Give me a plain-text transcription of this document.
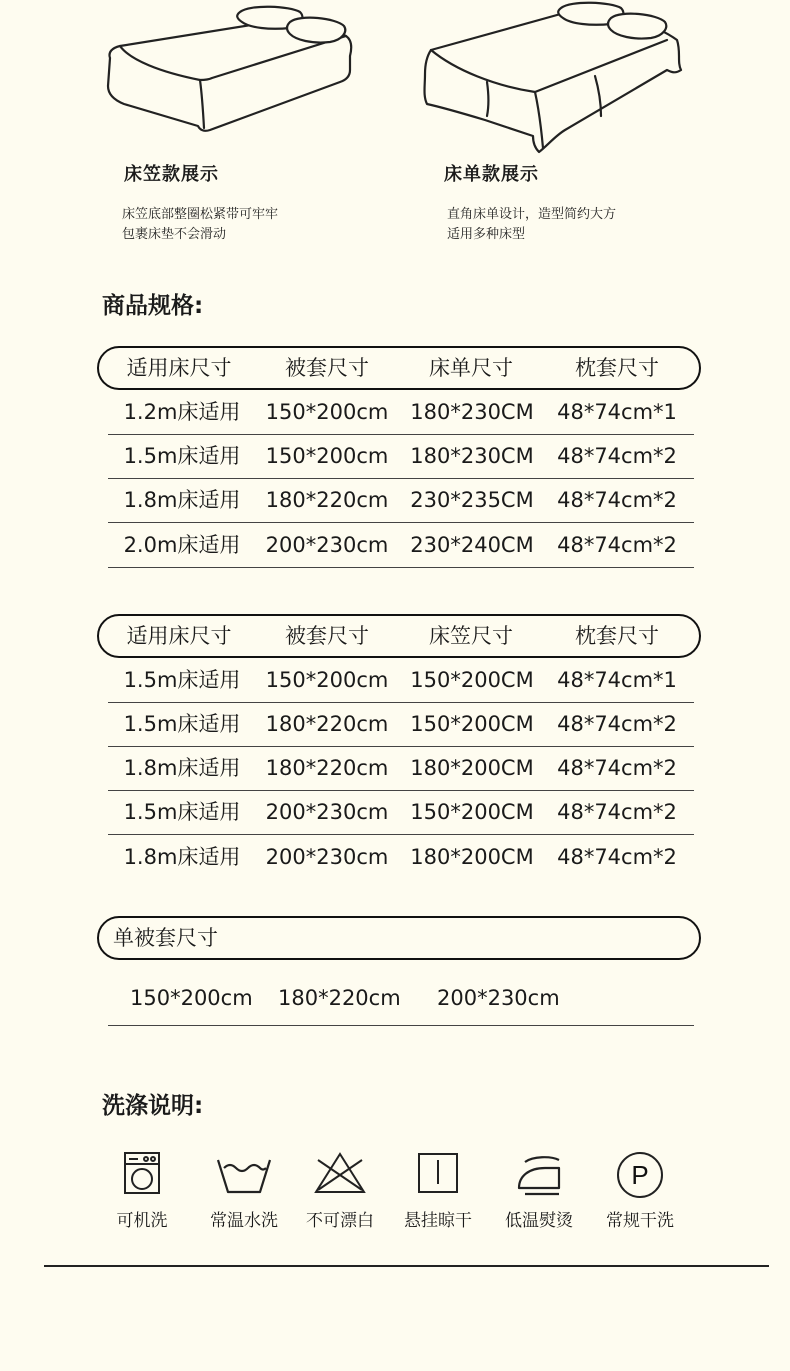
床笠款展示
床笠底部整圈松紧带可牢牢
包裹床垫不会滑动
床单款展示
直角床单设计，造型简约大方
适用多种床型
商品规格:
适用床尺寸	被套尺寸	床单尺寸	枕套尺寸
1.2m床适用	150*200cm	180*230CM	48*74cm*1
1.5m床适用	150*200cm	180*230CM	48*74cm*2
1.8m床适用	180*220cm	230*235CM	48*74cm*2
2.0m床适用	200*230cm	230*240CM	48*74cm*2
适用床尺寸	被套尺寸	床笠尺寸	枕套尺寸
1.5m床适用	150*200cm	150*200CM	48*74cm*1
1.5m床适用	180*220cm	150*200CM	48*74cm*2
1.8m床适用	180*220cm	180*200CM	48*74cm*2
1.5m床适用	200*230cm	150*200CM	48*74cm*2
1.8m床适用	200*230cm	180*200CM	48*74cm*2
单被套尺寸
150*200cm 180*220cm 200*230cm
洗涤说明:
可机洗	常温水洗	不可漂白	悬挂晾干	低温熨烫
P
常规干洗
